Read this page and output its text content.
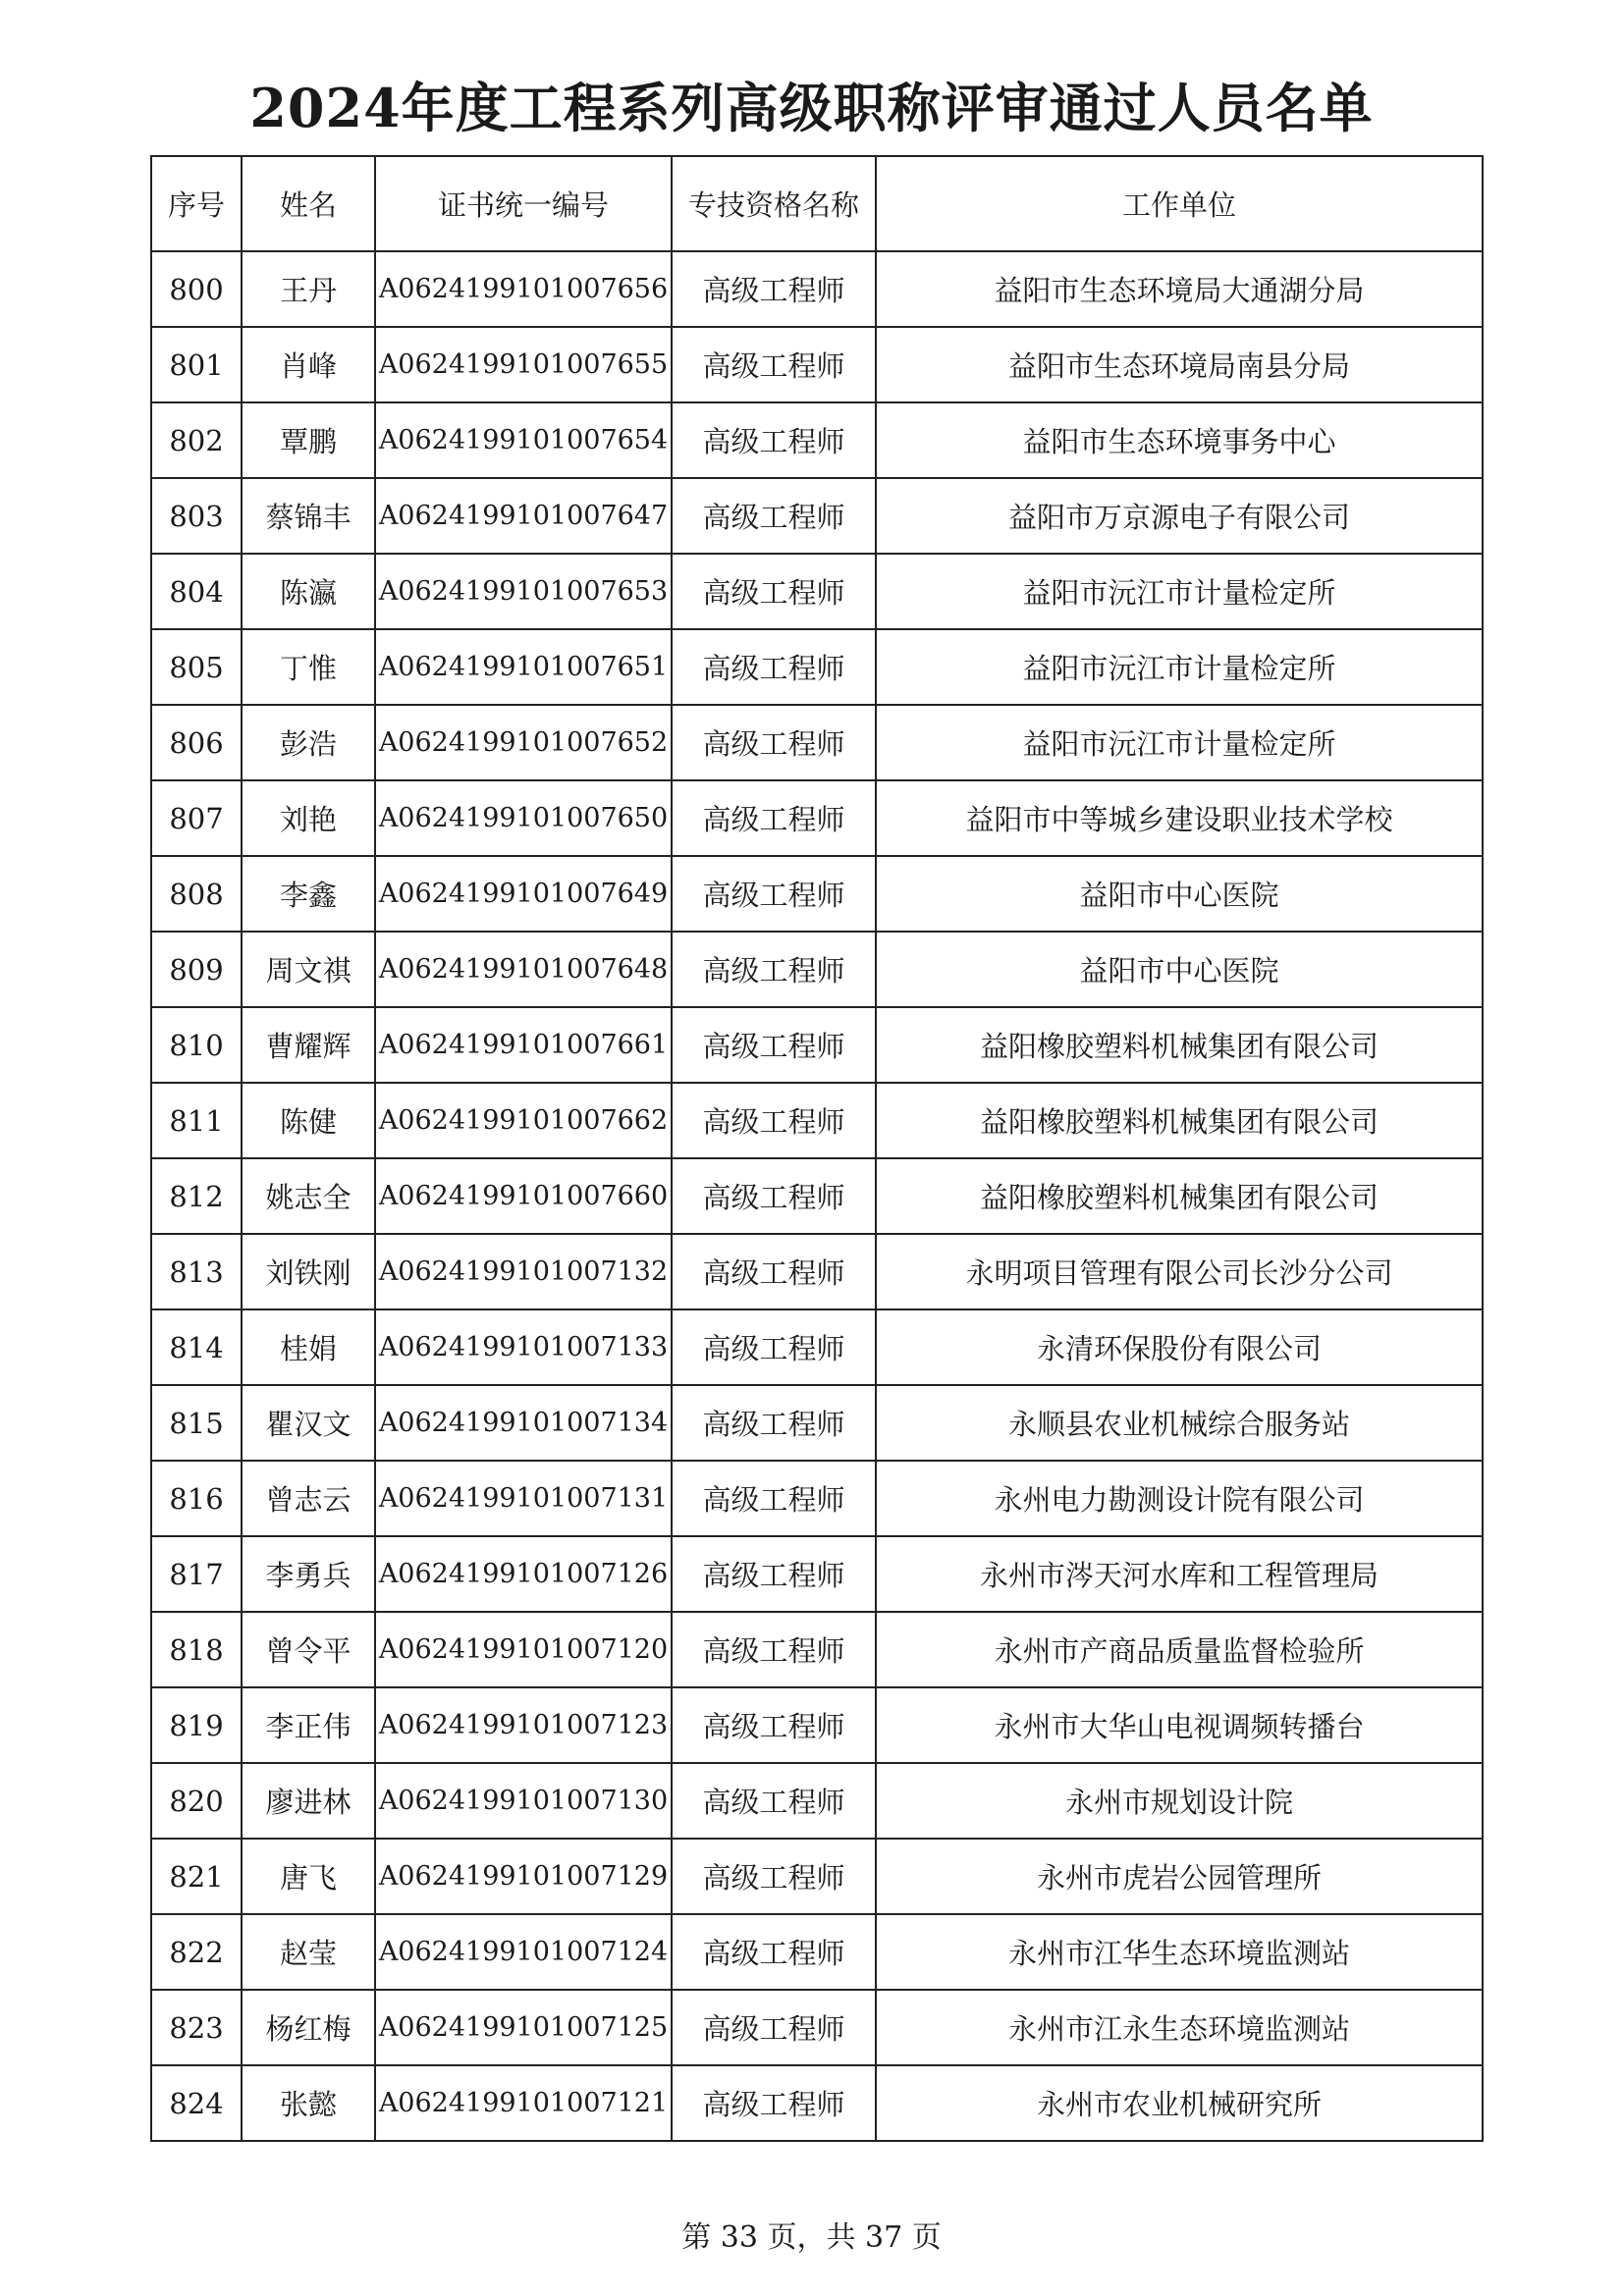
2024年度工程系列高级职称评审通过人员名单
序号	姓名	证书统一编号	专技资格名称	工作单位
800	王丹	A0624199101007656	高级工程师	益阳市生态环境局大通湖分局
801	肖峰	A0624199101007655	高级工程师	益阳市生态环境局南县分局
802	覃鹏	A0624199101007654	高级工程师	益阳市生态环境事务中心
803	蔡锦丰	A0624199101007647	高级工程师	益阳市万京源电子有限公司
804	陈瀛	A0624199101007653	高级工程师	益阳市沅江市计量检定所
805	丁惟	A0624199101007651	高级工程师	益阳市沅江市计量检定所
806	彭浩	A0624199101007652	高级工程师	益阳市沅江市计量检定所
807	刘艳	A0624199101007650	高级工程师	益阳市中等城乡建设职业技术学校
808	李鑫	A0624199101007649	高级工程师	益阳市中心医院
809	周文祺	A0624199101007648	高级工程师	益阳市中心医院
810	曹耀辉	A0624199101007661	高级工程师	益阳橡胶塑料机械集团有限公司
811	陈健	A0624199101007662	高级工程师	益阳橡胶塑料机械集团有限公司
812	姚志全	A0624199101007660	高级工程师	益阳橡胶塑料机械集团有限公司
813	刘铁刚	A0624199101007132	高级工程师	永明项目管理有限公司长沙分公司
814	桂娟	A0624199101007133	高级工程师	永清环保股份有限公司
815	瞿汉文	A0624199101007134	高级工程师	永顺县农业机械综合服务站
816	曾志云	A0624199101007131	高级工程师	永州电力勘测设计院有限公司
817	李勇兵	A0624199101007126	高级工程师	永州市涔天河水库和工程管理局
818	曾令平	A0624199101007120	高级工程师	永州市产商品质量监督检验所
819	李正伟	A0624199101007123	高级工程师	永州市大华山电视调频转播台
820	廖进林	A0624199101007130	高级工程师	永州市规划设计院
821	唐飞	A0624199101007129	高级工程师	永州市虎岩公园管理所
822	赵莹	A0624199101007124	高级工程师	永州市江华生态环境监测站
823	杨红梅	A0624199101007125	高级工程师	永州市江永生态环境监测站
824	张懿	A0624199101007121	高级工程师	永州市农业机械研究所
第 33 页，共 37 页
